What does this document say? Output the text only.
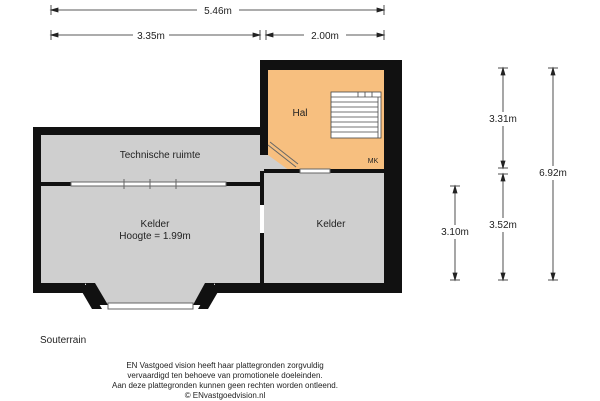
Hal
MK
Technische ruimte
Kelder
Hoogte = 1.99m
Kelder
5.46m
3.35m	2.00m
3.31m
3.52m
6.92m
3.10m
Souterrain
EN Vastgoed vision heeft haar plattegronden zorgvuldig
vervaardigd ten behoeve van promotionele doeleinden.
Aan deze plattegronden kunnen geen rechten worden ontleend.
© ENvastgoedvision.nl
